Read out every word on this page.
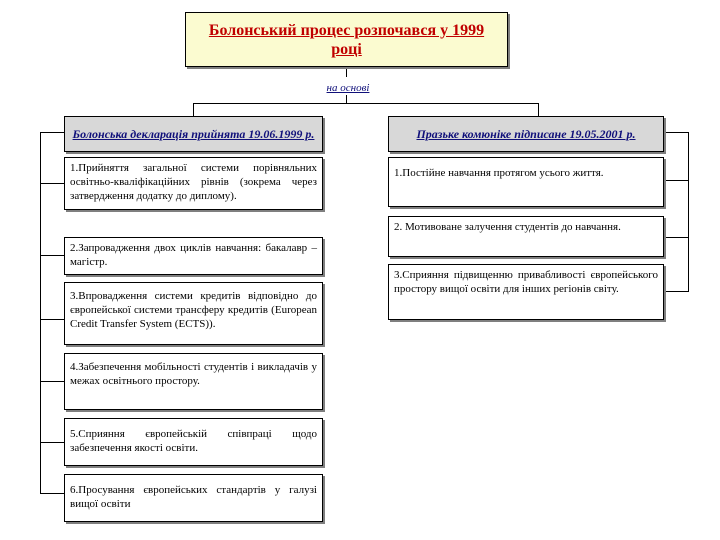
Болонський процес розпочався у 1999 році
на основі
Болонська декларація прийнята 19.06.1999 р.	Празьке комюніке підписане 19.05.2001 р.
1.Прийняття загальної системи порівняльних освітньо-кваліфікаційних рівнів (зокрема через затвердження додатку до диплому).
2.Запровадження двох циклів навчання: бакалавр – магістр.
3.Впровадження системи кредитів відповідно до європейської системи трансферу кредитів (European Credit Transfer System (ECTS)).
4.Забезпечення мобільності студентів і викладачів у межах освітнього простору.
5.Сприяння європейській співпраці щодо забезпечення якості освіти.
6.Просування європейських стандартів у галузі вищої освіти
1.Постійне навчання протягом усього життя.
2. Мотивоване залучення студентів до навчання.
3.Сприяння підвищенню привабливості європейського простору вищої освіти для інших регіонів світу.
